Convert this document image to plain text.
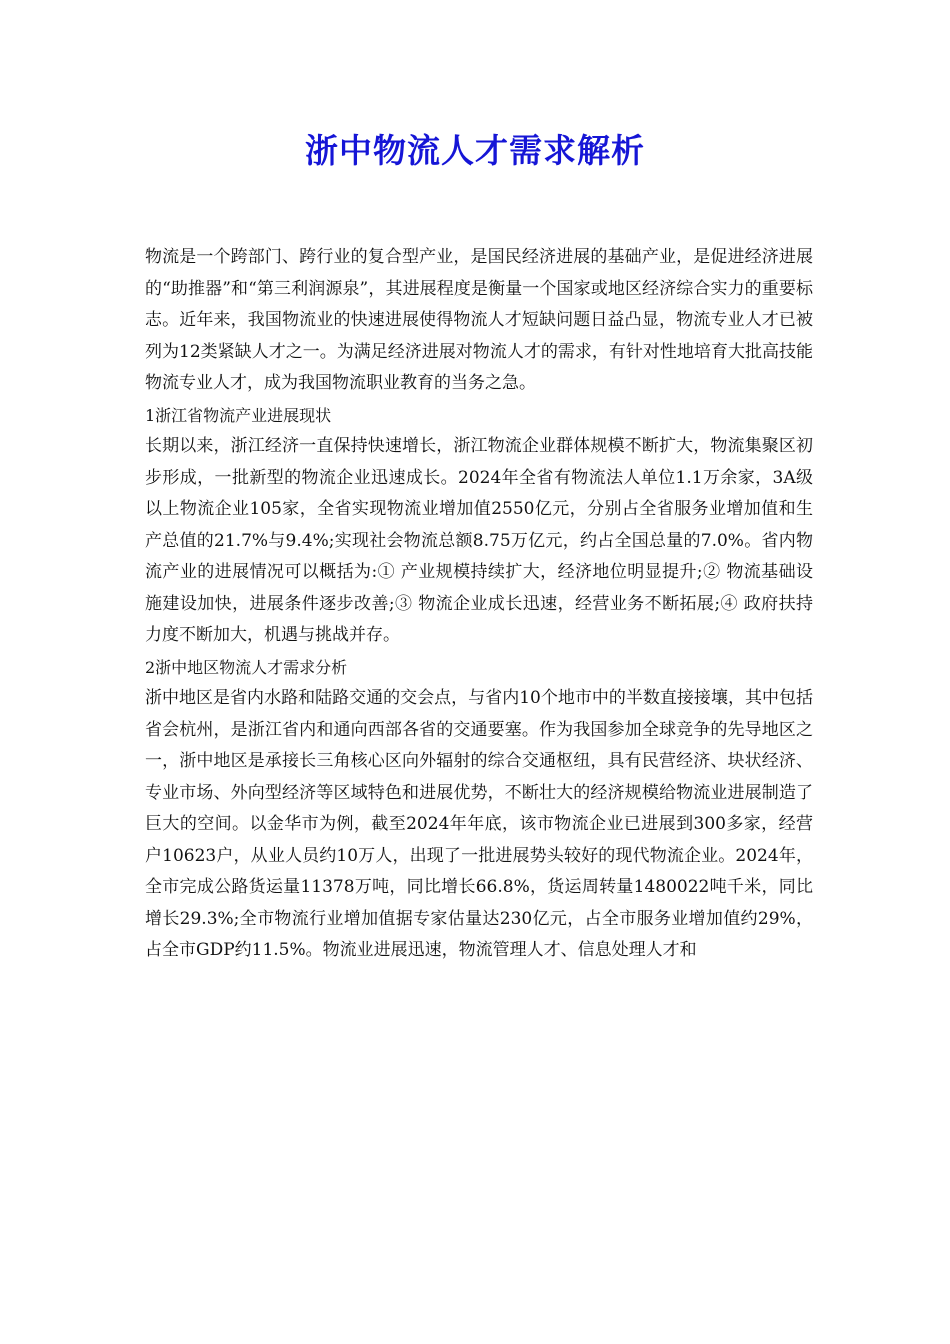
浙中物流人才需求解析

物流是一个跨部门、跨行业的复合型产业，是国民经济进展的基础产业，是促进经济进展的“助推器”和“第三利润源泉”，其进展程度是衡量一个国家或地区经济综合实力的重要标志。近年来，我国物流业的快速进展使得物流人才短缺问题日益凸显，物流专业人才已被列为12类紧缺人才之一。为满足经济进展对物流人才的需求，有针对性地培育大批高技能物流专业人才，成为我国物流职业教育的当务之急。

1浙江省物流产业进展现状

长期以来，浙江经济一直保持快速增长，浙江物流企业群体规模不断扩大，物流集聚区初步形成，一批新型的物流企业迅速成长。2024年全省有物流法人单位1.1万余家，3A级以上物流企业105家，全省实现物流业增加值2550亿元，分别占全省服务业增加值和生产总值的21.7%与9.4%;实现社会物流总额8.75万亿元，约占全国总量的7.0%。省内物流产业的进展情况可以概括为:① 产业规模持续扩大，经济地位明显提升;② 物流基础设施建设加快，进展条件逐步改善;③ 物流企业成长迅速，经营业务不断拓展;④ 政府扶持力度不断加大，机遇与挑战并存。

2浙中地区物流人才需求分析

浙中地区是省内水路和陆路交通的交会点，与省内10个地市中的半数直接接壤，其中包括省会杭州，是浙江省内和通向西部各省的交通要塞。作为我国参加全球竞争的先导地区之一，浙中地区是承接长三角核心区向外辐射的综合交通枢纽，具有民营经济、块状经济、专业市场、外向型经济等区域特色和进展优势，不断壮大的经济规模给物流业进展制造了巨大的空间。以金华市为例，截至2024年年底，该市物流企业已进展到300多家，经营户10623户，从业人员约10万人，出现了一批进展势头较好的现代物流企业。2024年，全市完成公路货运量11378万吨，同比增长66.8%，货运周转量1480022吨千米，同比增长29.3%;全市物流行业增加值据专家估量达230亿元，占全市服务业增加值约29%，占全市GDP约11.5%。物流业进展迅速，物流管理人才、信息处理人才和
